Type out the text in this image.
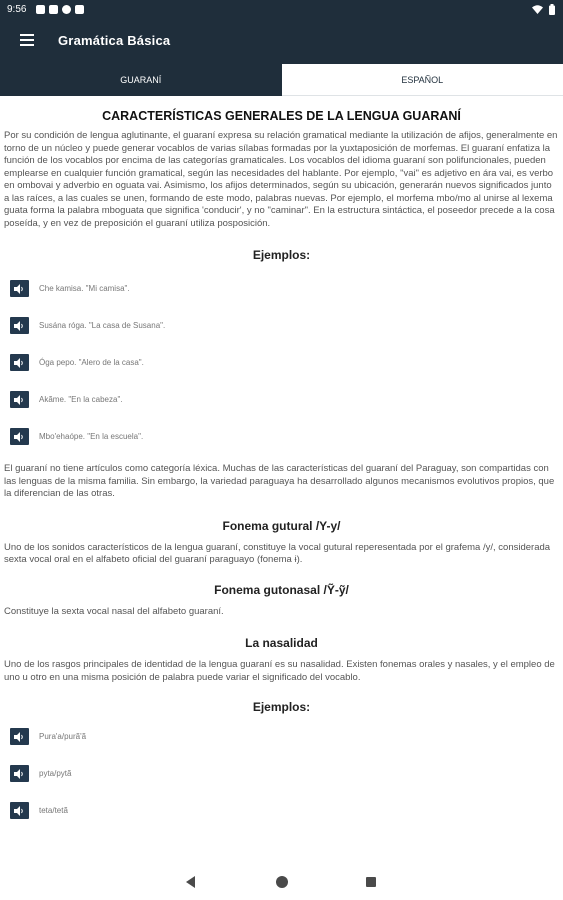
9:56
Gramática Básica
GUARANÍ	ESPAÑOL
CARACTERÍSTICAS GENERALES DE LA LENGUA GUARANÍ
Por su condición de lengua aglutinante, el guaraní expresa su relación gramatical mediante la utilización de afijos, generalmente en torno de un núcleo y puede generar vocablos de varias sílabas formadas por la yuxtaposición de morfemas. El guaraní enfatiza la función de los vocablos por encima de las categorías gramaticales. Los vocablos del idioma guaraní son polifuncionales, pueden emplearse en cualquier función gramatical, según las necesidades del hablante. Por ejemplo, "vai" es adjetivo en ára vai, es verbo en ombovai y adverbio en oguata vai. Asimismo, los afijos determinados, según su ubicación, generarán nuevos significados junto a las raíces, a las cuales se unen, formando de este modo, palabras nuevas. Por ejemplo, el morfema mbo/mo al unirse al lexema guata forma la palabra mboguata que significa 'conducir', y no "caminar". En la estructura sintáctica, el poseedor precede a la cosa poseída, y en vez de preposición el guaraní utiliza posposición.
Ejemplos:
Che kamisa. "Mi camisa".
Susána róga. "La casa de Susana".
Óga pepo. "Alero de la casa".
Akãme. "En la cabeza".
Mbo'ehaópe. "En la escuela".
El guaraní no tiene artículos como categoría léxica. Muchas de las características del guaraní del Paraguay, son compartidas con las lenguas de la misma familia. Sin embargo, la variedad paraguaya ha desarrollado algunos mecanismos evolutivos propios, que la diferencian de las otras.
Fonema gutural /Y-y/
Uno de los sonidos característicos de la lengua guaraní, constituye la vocal gutural reperesentada por el grafema /y/, considerada sexta vocal oral en el alfabeto oficial del guaraní paraguayo (fonema ɨ).
Fonema gutonasal /Ỹ-ỹ/
Constituye la sexta vocal nasal del alfabeto guaraní.
La nasalidad
Uno de los rasgos principales de identidad de la lengua guaraní es su nasalidad. Existen fonemas orales y nasales, y el empleo de uno u otro en una misma posición de palabra puede variar el significado del vocablo.
Ejemplos:
Pura'a/purã'ã
pyta/pytã
teta/tetã
